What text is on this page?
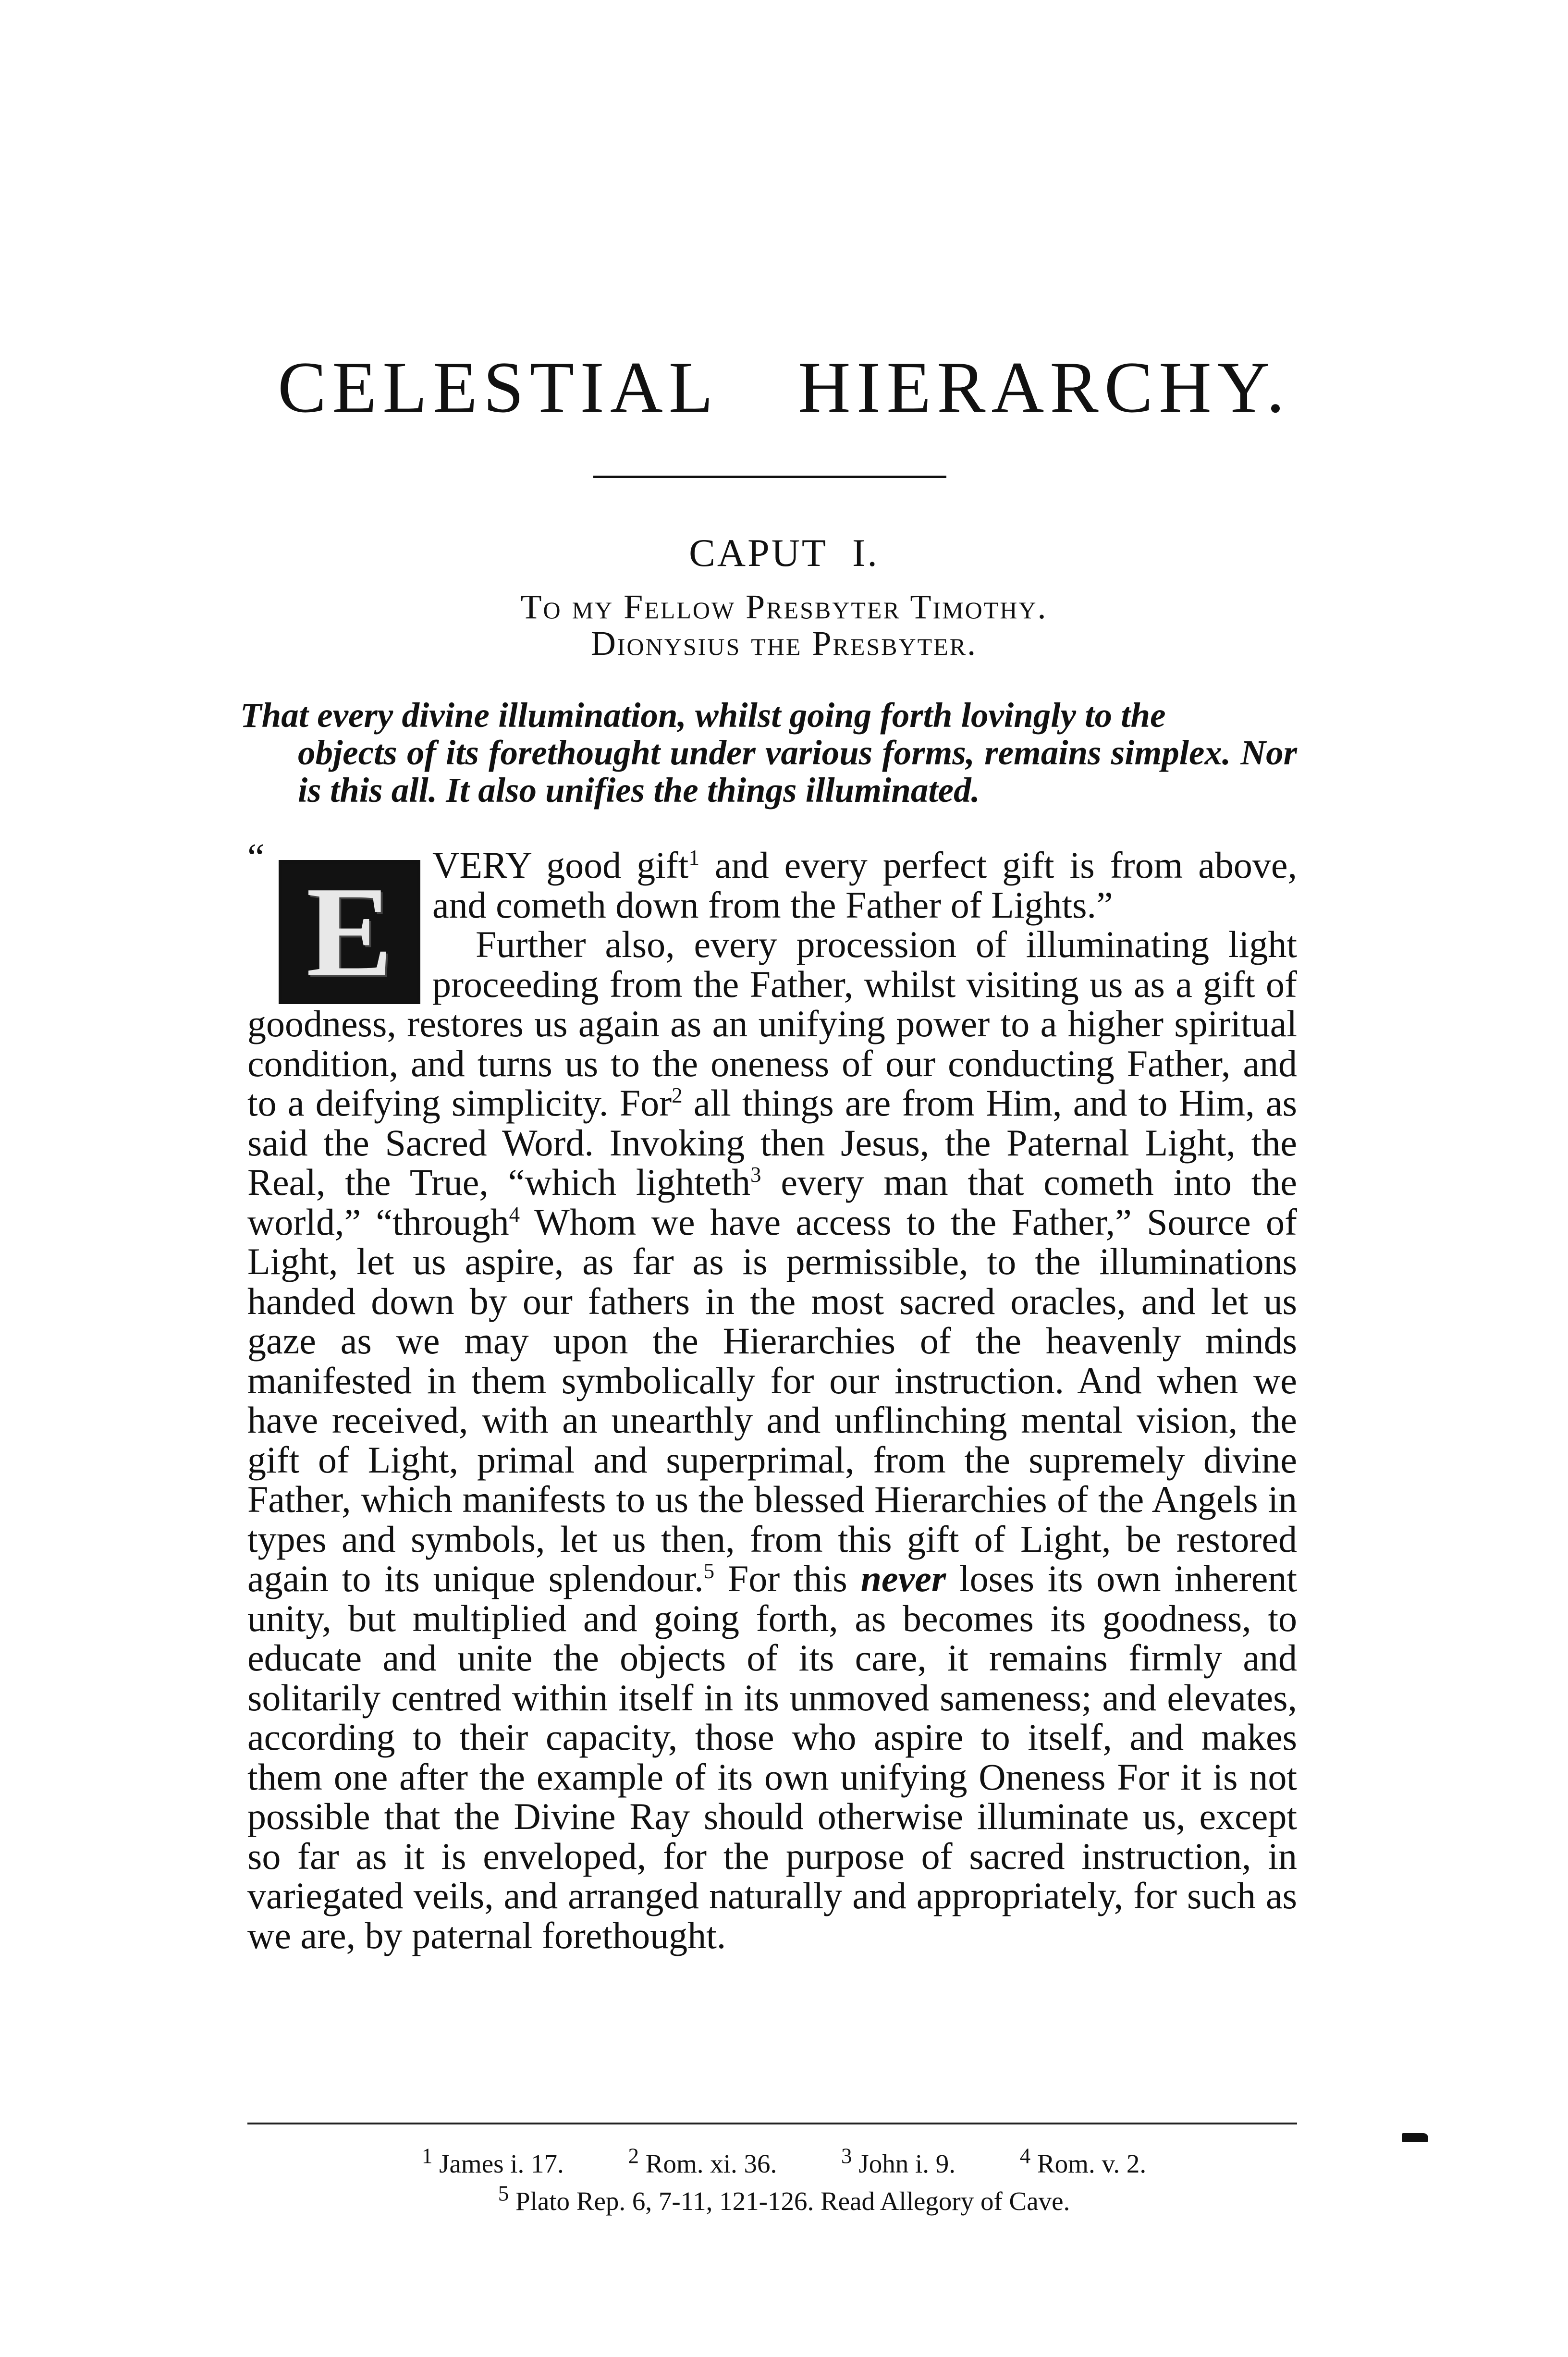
CELESTIAL HIERARCHY.
CAPUT I.
To my Fellow Presbyter Timothy.
Dionysius the Presbyter.
That every divine illumination, whilst going forth lovingly to the
objects of its forethought under various forms, remains simplex. Nor is this all. It also unifies the things illuminated.
“
E	VERY good gift$^1$ and every perfect gift is from above, and cometh down from the Father of Lights.”
Further also, every procession of illuminating light proceeding from the Father, whilst visiting us as a gift of goodness, restores us again as an unifying power to a higher spiritual condition, and turns us to the oneness of our conducting Father, and to a deifying simplicity. For$^2$ all things are from Him, and to Him, as said the Sacred Word. Invoking then Jesus, the Paternal Light, the Real, the True, “which lighteth$^3$ every man that cometh into the world,” “through$^4$ Whom we have access to the Father,” Source of Light, let us aspire, as far as is permissible, to the illuminations handed down by our fathers in the most sacred oracles, and let us gaze as we may upon the Hierarchies of the heavenly minds manifested in them symbolically for our instruction. And when we have received, with an unearthly and unflinching mental vision, the gift of Light, primal and superprimal, from the supremely divine Father, which manifests to us the blessed Hierarchies of the Angels in types and symbols, let us then, from this gift of Light, be restored again to its unique splendour.$^5$ For this never loses its own inherent unity, but multiplied and going forth, as becomes its goodness, to educate and unite the objects of its care, it remains firmly and solitarily centred within itself in its unmoved sameness; and elevates, according to their capacity, those who aspire to itself, and makes them one after the example of its own unifying Oneness For it is not possible that the Divine Ray should otherwise illuminate us, except so far as it is enveloped, for the purpose of sacred instruction, in variegated veils, and arranged naturally and appropriately, for such as we are, by paternal forethought.
$^1$ James i. 17.	$^2$ Rom. xi. 36.	$^3$ John i. 9.	$^4$ Rom. v. 2.
$^5$ Plato Rep. 6, 7-11, 121-126. Read Allegory of Cave.
